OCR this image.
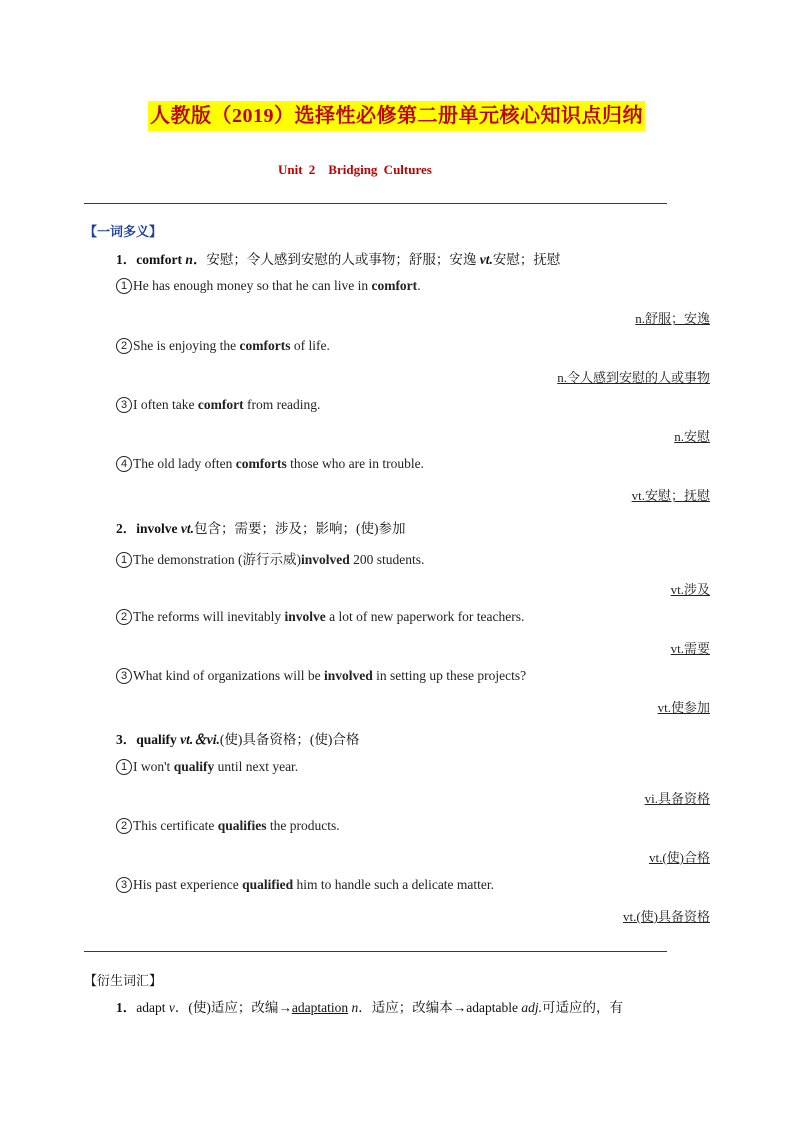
人教版（2019）选择性必修第二册单元核心知识点归纳
Unit 2　Bridging Cultures
【一词多义】
1．comfort n．安慰；令人感到安慰的人或事物；舒服；安逸 vt.安慰；抚慰
1 He has enough money so that he can live in comfort.
n.舒服；安逸
2 She is enjoying the comforts of life.
n.令人感到安慰的人或事物
3 I often take comfort from reading.
n.安慰
4 The old lady often comforts those who are in trouble.
vt.安慰；抚慰
2．involve vt.包含；需要；涉及；影响；(使)参加
1 The demonstration (游行示威)involved 200 students.
vt.涉及
2 The reforms will inevitably involve a lot of new paperwork for teachers.
vt.需要
3 What kind of organizations will be involved in setting up these projects?
vt.使参加
3．qualify vt.＆vi.(使)具备资格；(使)合格
1 I won't qualify until next year.
vi.具备资格
2 This certificate qualifies the products.
vt.(使)合格
3 His past experience qualified him to handle such a delicate matter.
vt.(使)具备资格
【衍生词汇】
1．adapt v．(使)适应；改编→adaptation n．适应；改编本→adaptable adj.可适应的，有
